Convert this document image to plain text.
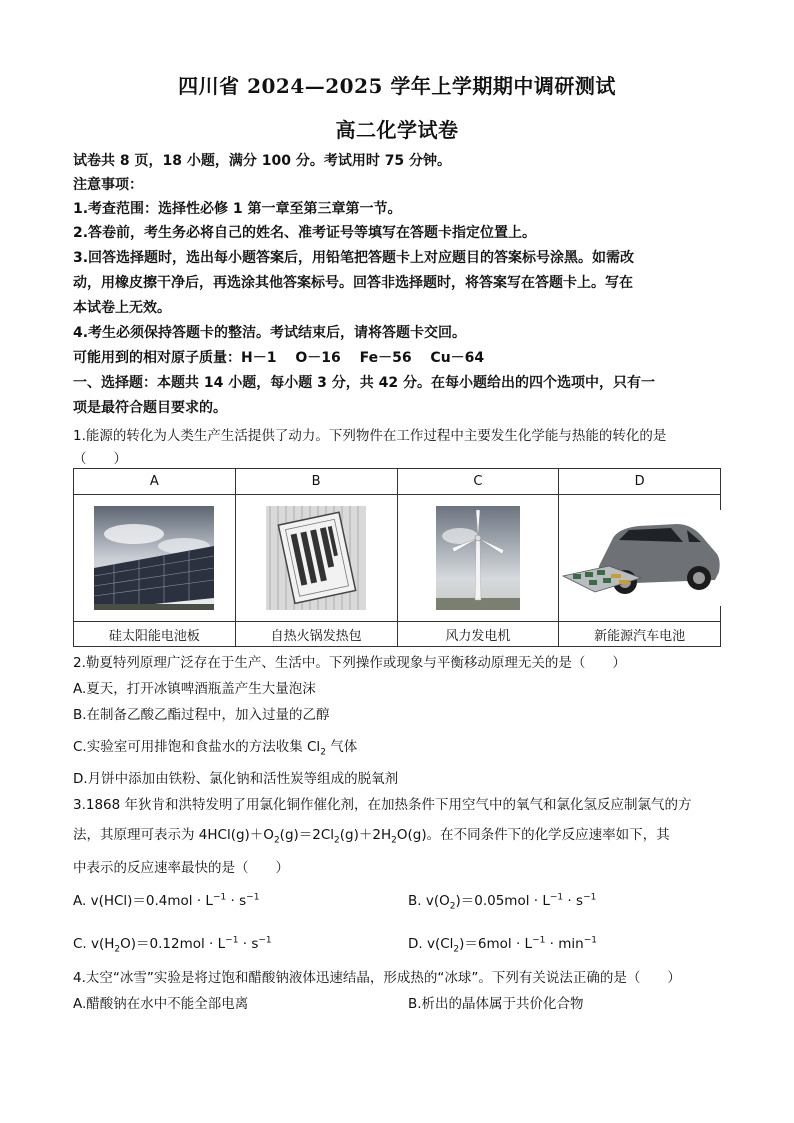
四川省 2024—2025 学年上学期期中调研测试
高二化学试卷
试卷共 8 页，18 小题，满分 100 分。考试用时 75 分钟。
注意事项：
1.考查范围：选择性必修 1 第一章至第三章第一节。
2.答卷前，考生务必将自己的姓名、准考证号等填写在答题卡指定位置上。
3.回答选择题时，选出每小题答案后，用铅笔把答题卡上对应题目的答案标号涂黑。如需改
动，用橡皮擦干净后，再选涂其他答案标号。回答非选择题时，将答案写在答题卡上。写在
本试卷上无效。
4.考生必须保持答题卡的整洁。考试结束后，请将答题卡交回。
可能用到的相对原子质量：H－1　 O－16　 Fe－56　 Cu－64
一、选择题：本题共 14 小题，每小题 3 分，共 42 分。在每小题给出的四个选项中，只有一
项是最符合题目要求的。
1.能源的转化为人类生产生活提供了动力。下列物件在工作过程中主要发生化学能与热能的转化的是
（　　）
A	B	C	D

硅太阳能电池板	自热火锅发热包	风力发电机	新能源汽车电池
2.勒夏特列原理广泛存在于生产、生活中。下列操作或现象与平衡移动原理无关的是（　　）
A.夏天，打开冰镇啤酒瓶盖产生大量泡沫
B.在制备乙酸乙酯过程中，加入过量的乙醇
C.实验室可用排饱和食盐水的方法收集 $Cl_2$ 气体
D.月饼中添加由铁粉、氯化钠和活性炭等组成的脱氧剂
3.1868 年狄肯和洪特发明了用氯化铜作催化剂，在加热条件下用空气中的氧气和氯化氢反应制氯气的方
法，其原理可表示为 $4HCl(g)+O_2(g)=2Cl_2(g)+2H_2O(g)$。在不同条件下的化学反应速率如下，其
中表示的反应速率最快的是（　　）
A. $v(HCl)=0.4mol \cdot L^{-1} \cdot s^{-1}$	B. $v(O_2)=0.05mol \cdot L^{-1} \cdot s^{-1}$
C. $v(H_2O)=0.12mol \cdot L^{-1} \cdot s^{-1}$	D. $v(Cl_2)=6mol \cdot L^{-1} \cdot \min^{-1}$
4.太空“冰雪”实验是将过饱和醋酸钠液体迅速结晶，形成热的“冰球”。下列有关说法正确的是（　　）
A.醋酸钠在水中不能全部电离	B.析出的晶体属于共价化合物
